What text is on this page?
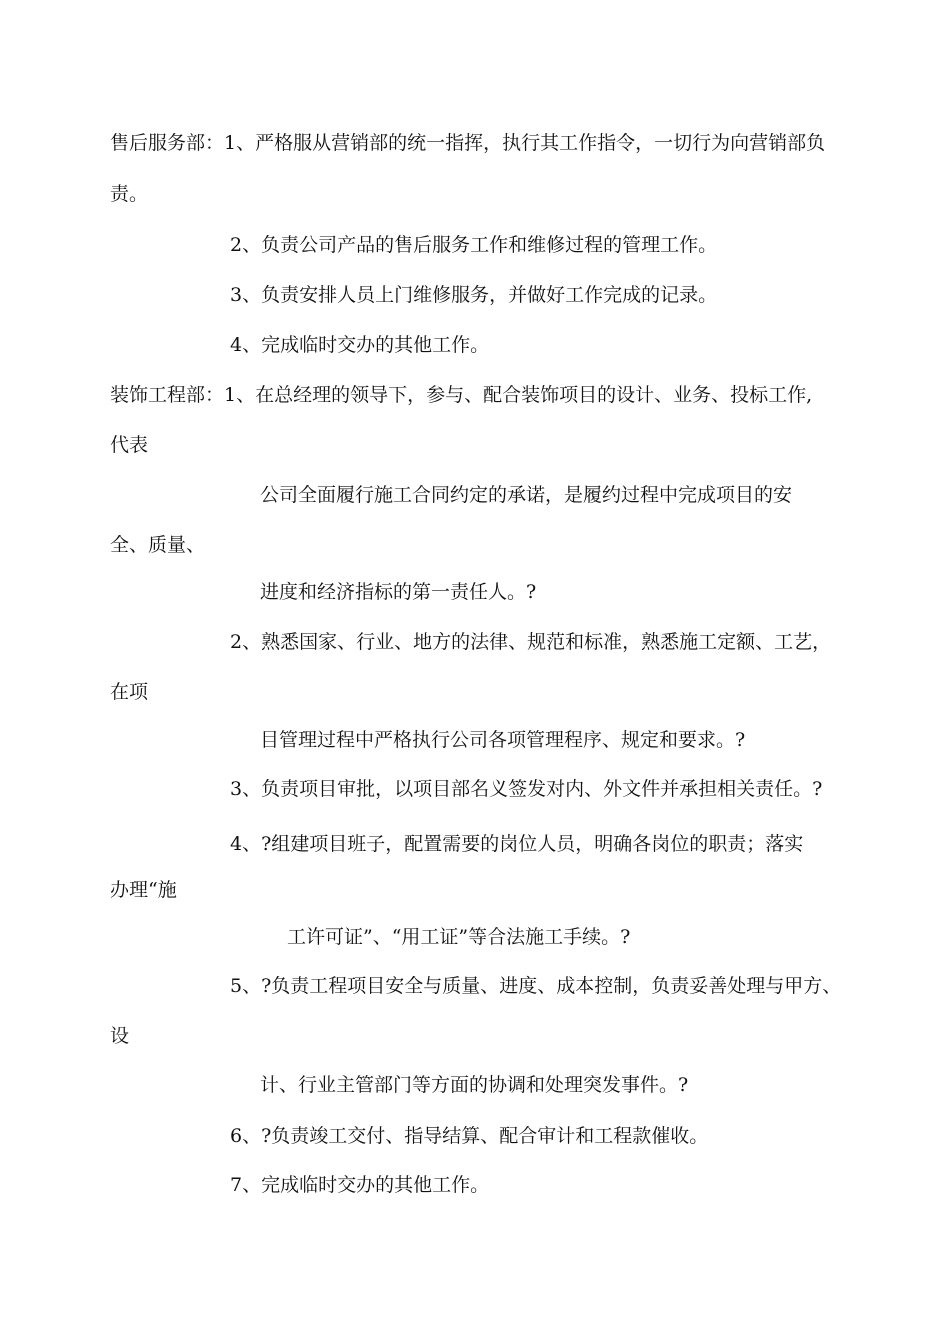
售后服务部：1、严格服从营销部的统一指挥，执行其工作指令，一切行为向营销部负

责。

2、负责公司产品的售后服务工作和维修过程的管理工作。

3、负责安排人员上门维修服务，并做好工作完成的记录。

4、完成临时交办的其他工作。

装饰工程部：1、在总经理的领导下，参与、配合装饰项目的设计、业务、投标工作,

代表

公司全面履行施工合同约定的承诺，是履约过程中完成项目的安

全、质量、

进度和经济指标的第一责任人。?

2、熟悉国家、行业、地方的法律、规范和标准，熟悉施工定额、工艺，

在项

目管理过程中严格执行公司各项管理程序、规定和要求。?

3、负责项目审批，以项目部名义签发对内、外文件并承担相关责任。?

4、?组建项目班子，配置需要的岗位人员，明确各岗位的职责；落实

办理“施

工许可证”、“用工证”等合法施工手续。?

5、?负责工程项目安全与质量、进度、成本控制，负责妥善处理与甲方、

设

计、行业主管部门等方面的协调和处理突发事件。?

6、?负责竣工交付、指导结算、配合审计和工程款催收。

7、完成临时交办的其他工作。
